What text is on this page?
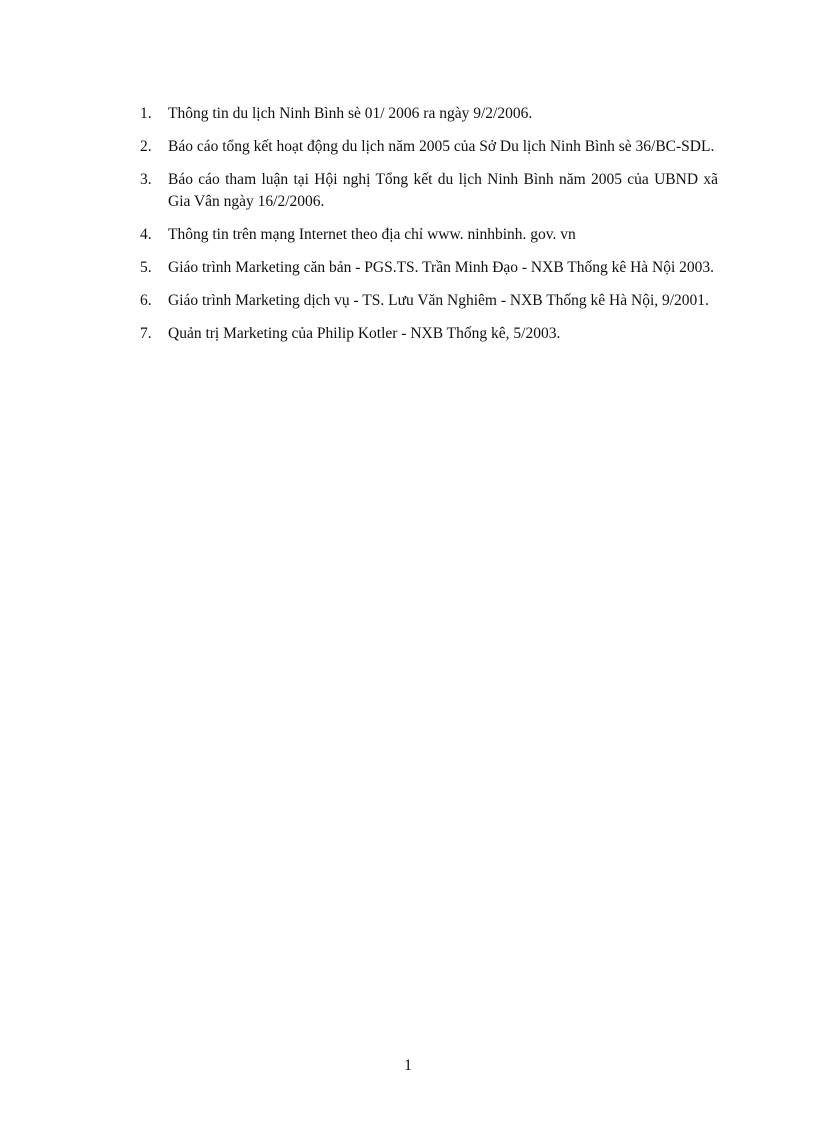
1.	Thông tin du lịch Ninh Bình sè 01/ 2006 ra ngày 9/2/2006.
2.	Báo cáo tổng kết hoạt động du lịch năm 2005 của Sở Du lịch Ninh Bình sè 36/BC-SDL.
3.	Báo cáo tham luận tại Hội nghị Tổng kết du lịch Ninh Bình năm 2005 của UBND xã Gia Vân ngày 16/2/2006.
4.	Thông tin trên mạng Internet theo địa chỉ www. ninhbinh. gov. vn
5.	Giáo trình Marketing căn bản - PGS.TS. Trần Minh Đạo - NXB Thống kê Hà Nội 2003.
6.	Giáo trình Marketing dịch vụ - TS. Lưu Văn Nghiêm - NXB Thống kê Hà Nội, 9/2001.
7.	Quản trị Marketing của Philip Kotler - NXB Thống kê, 5/2003.
1
